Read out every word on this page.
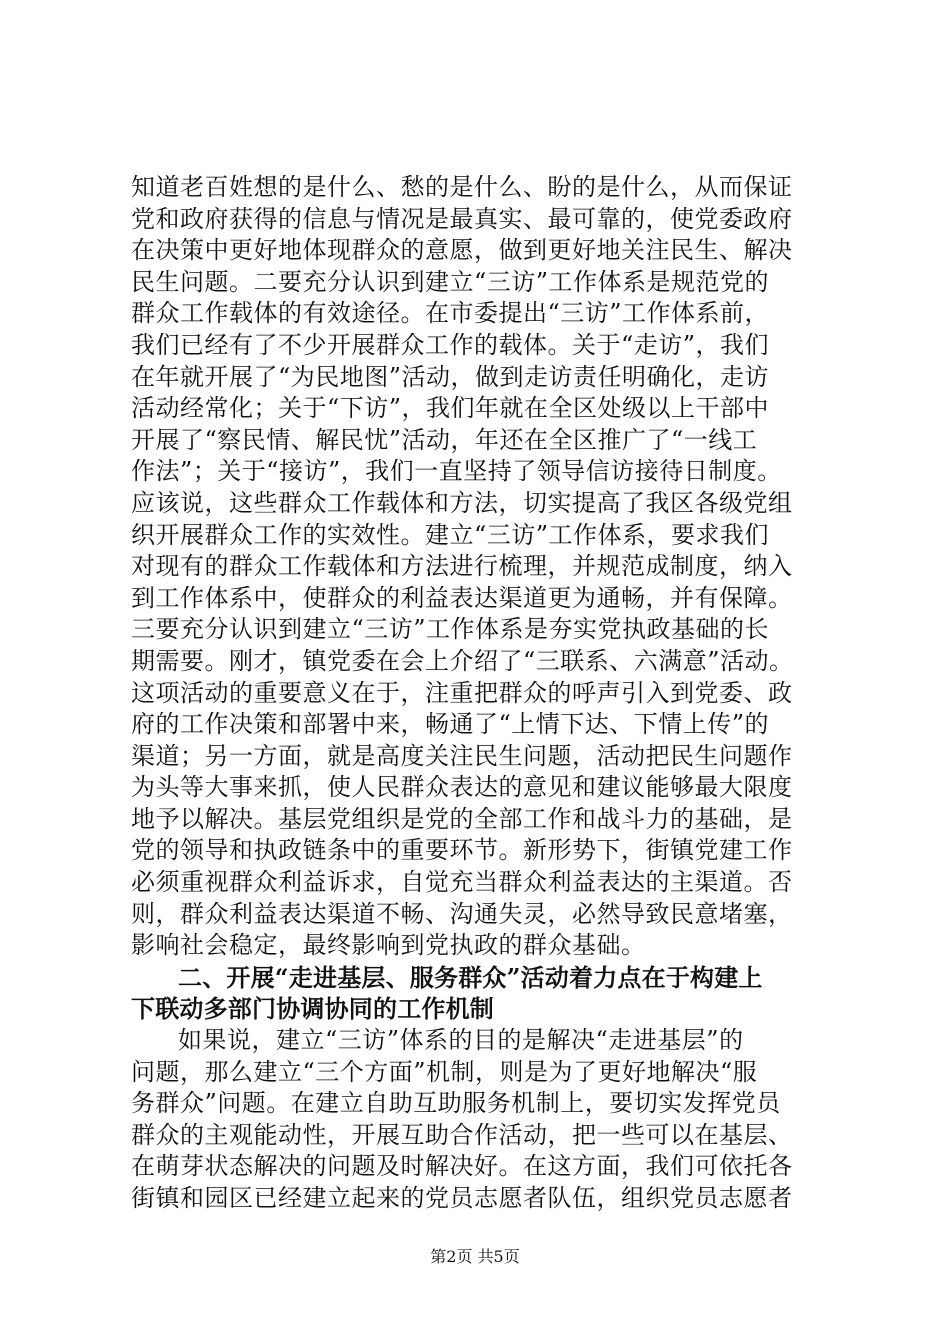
知道老百姓想的是什么、愁的是什么、盼的是什么，从而保证
党和政府获得的信息与情况是最真实、最可靠的，使党委政府
在决策中更好地体现群众的意愿，做到更好地关注民生、解决
民生问题。二要充分认识到建立“三访”工作体系是规范党的
群众工作载体的有效途径。在市委提出“三访”工作体系前，
我们已经有了不少开展群众工作的载体。关于“走访”，我们
在年就开展了“为民地图”活动，做到走访责任明确化，走访
活动经常化；关于“下访”，我们年就在全区处级以上干部中
开展了“察民情、解民忧”活动，年还在全区推广了“一线工
作法”；关于“接访”，我们一直坚持了领导信访接待日制度。
应该说，这些群众工作载体和方法，切实提高了我区各级党组
织开展群众工作的实效性。建立“三访”工作体系，要求我们
对现有的群众工作载体和方法进行梳理，并规范成制度，纳入
到工作体系中，使群众的利益表达渠道更为通畅，并有保障。
三要充分认识到建立“三访”工作体系是夯实党执政基础的长
期需要。刚才，镇党委在会上介绍了“三联系、六满意”活动。
这项活动的重要意义在于，注重把群众的呼声引入到党委、政
府的工作决策和部署中来，畅通了“上情下达、下情上传”的
渠道；另一方面，就是高度关注民生问题，活动把民生问题作
为头等大事来抓，使人民群众表达的意见和建议能够最大限度
地予以解决。基层党组织是党的全部工作和战斗力的基础，是
党的领导和执政链条中的重要环节。新形势下，街镇党建工作
必须重视群众利益诉求，自觉充当群众利益表达的主渠道。否
则，群众利益表达渠道不畅、沟通失灵，必然导致民意堵塞，
影响社会稳定，最终影响到党执政的群众基础。
二、开展“走进基层、服务群众”活动着力点在于构建上
下联动多部门协调协同的工作机制
如果说，建立“三访”体系的目的是解决“走进基层”的
问题，那么建立“三个方面”机制，则是为了更好地解决“服
务群众”问题。在建立自助互助服务机制上，要切实发挥党员
群众的主观能动性，开展互助合作活动，把一些可以在基层、
在萌芽状态解决的问题及时解决好。在这方面，我们可依托各
街镇和园区已经建立起来的党员志愿者队伍，组织党员志愿者
第2页 共5页
